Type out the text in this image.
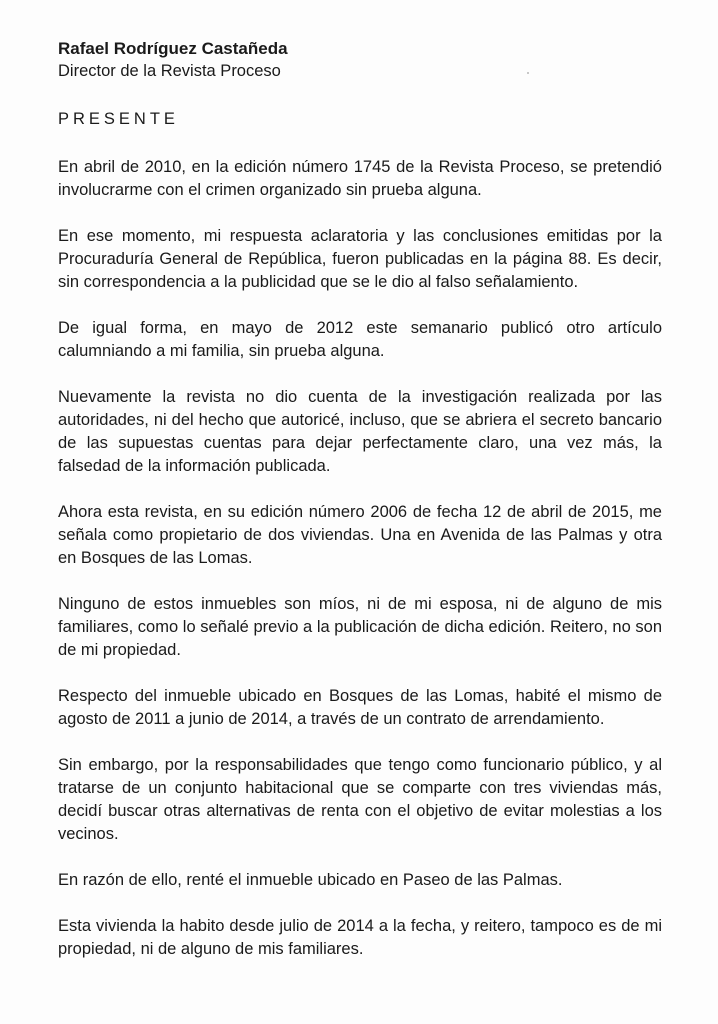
Rafael Rodríguez Castañeda

Director de la Revista Proceso

PRESENTE

En abril de 2010, en la edición número 1745 de la Revista Proceso, se pretendió involucrarme con el crimen organizado sin prueba alguna.

En ese momento, mi respuesta aclaratoria y las conclusiones emitidas por la Procuraduría General de República, fueron publicadas en la página 88. Es decir, sin correspondencia a la publicidad que se le dio al falso señalamiento.

De igual forma, en mayo de 2012 este semanario publicó otro artículo calumniando a mi familia, sin prueba alguna.

Nuevamente la revista no dio cuenta de la investigación realizada por las autoridades, ni del hecho que autoricé, incluso, que se abriera el secreto bancario de las supuestas cuentas para dejar perfectamente claro, una vez más, la falsedad de la información publicada.

Ahora esta revista, en su edición número 2006 de fecha 12 de abril de 2015, me señala como propietario de dos viviendas. Una en Avenida de las Palmas y otra en Bosques de las Lomas.

Ninguno de estos inmuebles son míos, ni de mi esposa, ni de alguno de mis familiares, como lo señalé previo a la publicación de dicha edición. Reitero, no son de mi propiedad.

Respecto del inmueble ubicado en Bosques de las Lomas, habité el mismo de agosto de 2011 a junio de 2014, a través de un contrato de arrendamiento.

Sin embargo, por la responsabilidades que tengo como funcionario público, y al tratarse de un conjunto habitacional que se comparte con tres viviendas más, decidí buscar otras alternativas de renta con el objetivo de evitar molestias a los vecinos.

En razón de ello, renté el inmueble ubicado en Paseo de las Palmas.

Esta vivienda la habito desde julio de 2014 a la fecha, y reitero, tampoco es de mi propiedad, ni de alguno de mis familiares.
